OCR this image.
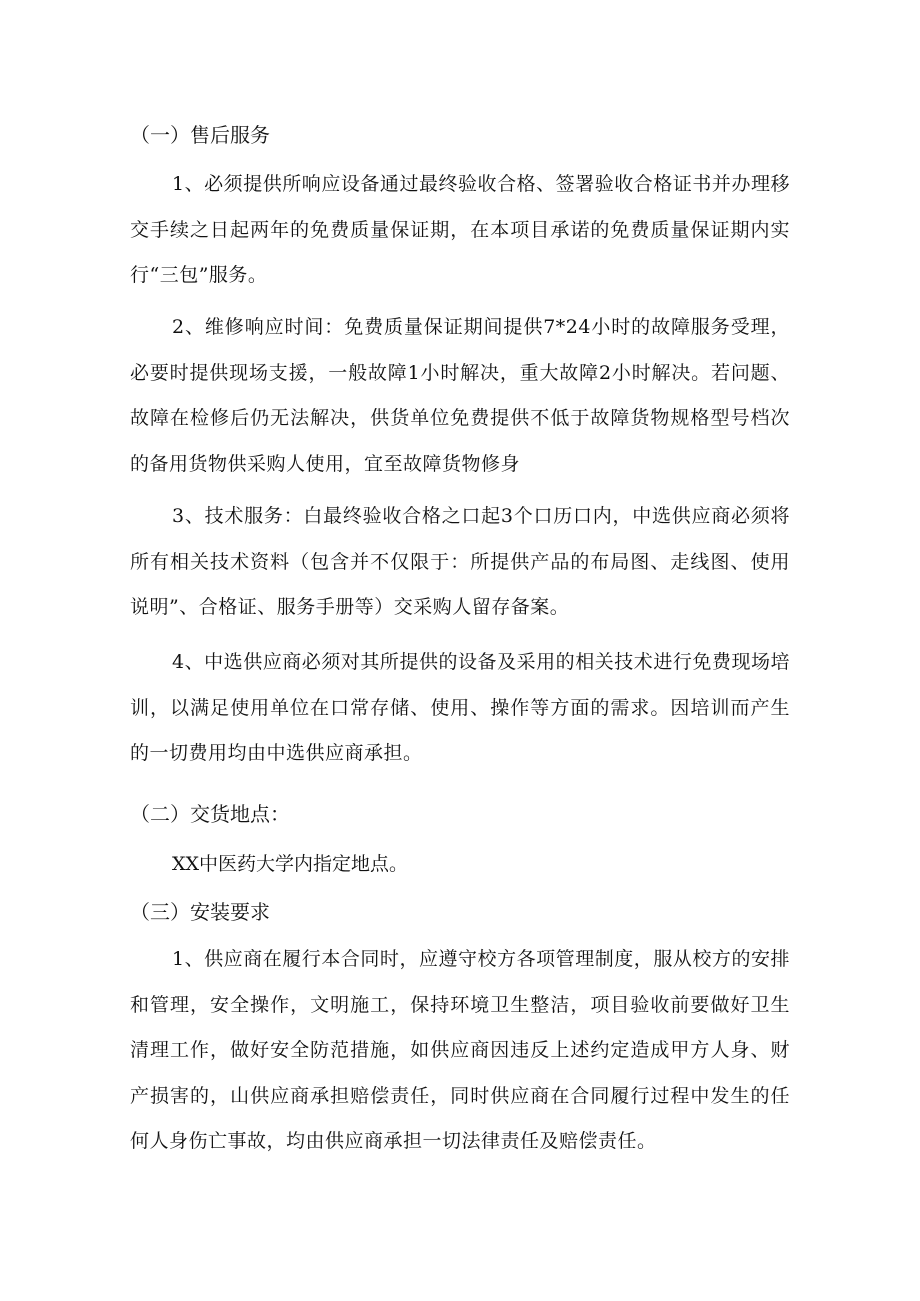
（一）售后服务
1、必须提供所响应设备通过最终验收合格、签署验收合格证书并办理移交手续之日起两年的免费质量保证期，在本项目承诺的免费质量保证期内实行“三包”服务。
2、维修响应时间：免费质量保证期间提供7*24小时的故障服务受理，必要时提供现场支援，一般故障1小时解决，重大故障2小时解决。若问题、故障在检修后仍无法解决，供货单位免费提供不低于故障货物规格型号档次的备用货物供采购人使用，宜至故障货物修身
3、技术服务：白最终验收合格之口起3个口历口内，中选供应商必须将所有相关技术资料（包含并不仅限于：所提供产品的布局图、走线图、使用说明”、合格证、服务手册等）交采购人留存备案。
4、中选供应商必须对其所提供的设备及采用的相关技术进行免费现场培训，以满足使用单位在口常存储、使用、操作等方面的需求。因培训而产生的一切费用均由中选供应商承担。
（二）交货地点：
XX中医药大学内指定地点。
（三）安装要求
1、供应商在履行本合同时，应遵守校方各项管理制度，服从校方的安排和管理，安全操作，文明施工，保持环境卫生整洁，项目验收前要做好卫生清理工作，做好安全防范措施，如供应商因违反上述约定造成甲方人身、财产损害的，山供应商承担赔偿责任，同时供应商在合同履行过程中发生的任何人身伤亡事故，均由供应商承担一切法律责任及赔偿责任。
